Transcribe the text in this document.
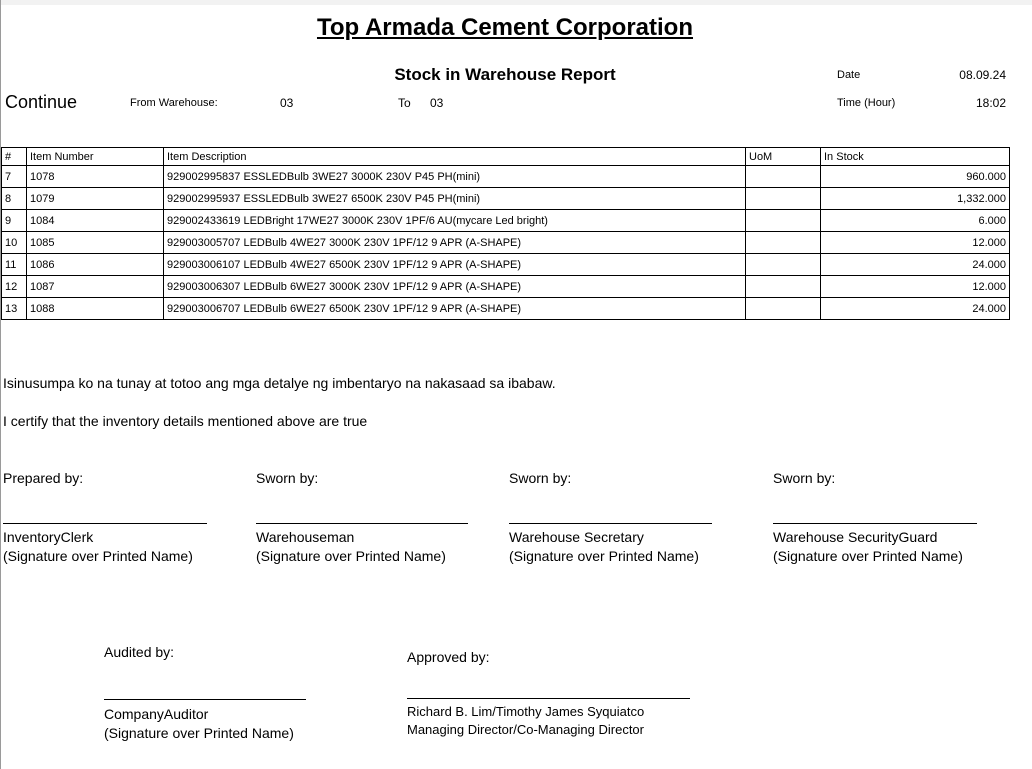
Top Armada Cement Corporation
Stock in Warehouse Report
Continue	From Warehouse:	03	To 03
Date	08.09.24
Time (Hour)	18:02
#	Item Number	Item Description	UoM	In Stock
7	1078	929002995837 ESSLEDBulb 3WE27 3000K 230V P45 PH(mini)		960.000
8	1079	929002995937 ESSLEDBulb 3WE27 6500K 230V P45 PH(mini)		1,332.000
9	1084	929002433619 LEDBright 17WE27 3000K 230V 1PF/6 AU(mycare Led bright)		6.000
10	1085	929003005707 LEDBulb 4WE27 3000K 230V 1PF/12 9 APR (A-SHAPE)		12.000
11	1086	929003006107 LEDBulb 4WE27 6500K 230V 1PF/12 9 APR (A-SHAPE)		24.000
12	1087	929003006307 LEDBulb 6WE27 3000K 230V 1PF/12 9 APR (A-SHAPE)		12.000
13	1088	929003006707 LEDBulb 6WE27 6500K 230V 1PF/12 9 APR (A-SHAPE)		24.000
Isinusumpa ko na tunay at totoo ang mga detalye ng imbentaryo na nakasaad sa ibabaw.
I certify that the inventory details mentioned above are true
Prepared by:
InventoryClerk
(Signature over Printed Name)
Sworn by:
Warehouseman
(Signature over Printed Name)
Sworn by:
Warehouse Secretary
(Signature over Printed Name)
Sworn by:
Warehouse SecurityGuard
(Signature over Printed Name)
Audited by:
CompanyAuditor
(Signature over Printed Name)
Approved by:
Richard B. Lim/Timothy James Syquiatco
Managing Director/Co-Managing Director
